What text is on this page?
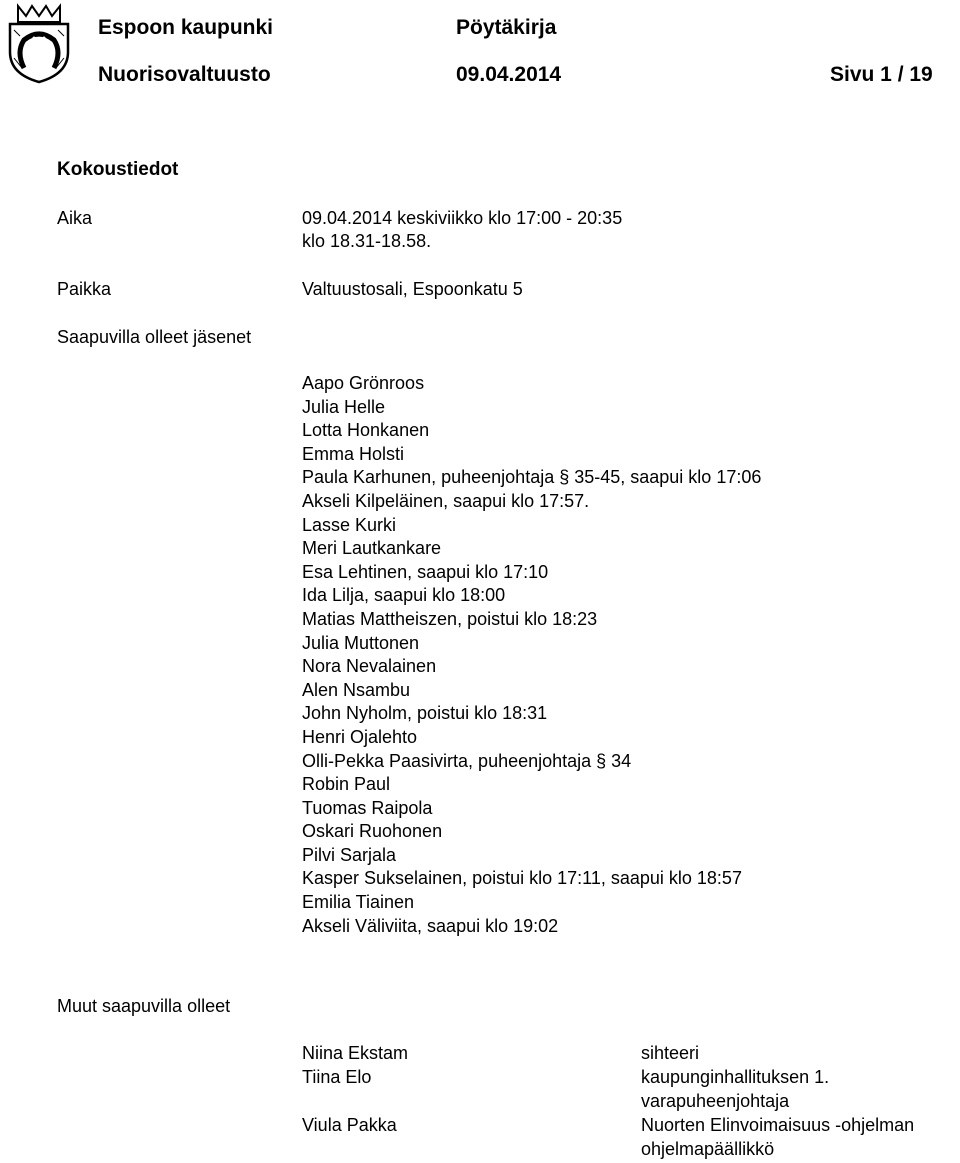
Espoon kaupunki	Pöytäkirja
Nuorisovaltuusto	09.04.2014	Sivu 1 / 19
Kokoustiedot
Aika	09.04.2014 keskiviikko klo 17:00 - 20:35
klo 18.31-18.58.
Paikka	Valtuustosali, Espoonkatu 5
Saapuvilla olleet jäsenet
Aapo Grönroos
Julia Helle
Lotta Honkanen
Emma Holsti
Paula Karhunen, puheenjohtaja § 35-45, saapui klo 17:06
Akseli Kilpeläinen, saapui klo 17:57.
Lasse Kurki
Meri Lautkankare
Esa Lehtinen, saapui klo 17:10
Ida Lilja, saapui klo 18:00
Matias Mattheiszen, poistui klo 18:23
Julia Muttonen
Nora Nevalainen
Alen Nsambu
John Nyholm, poistui klo 18:31
Henri Ojalehto
Olli-Pekka Paasivirta, puheenjohtaja § 34
Robin Paul
Tuomas Raipola
Oskari Ruohonen
Pilvi Sarjala
Kasper Sukselainen, poistui klo 17:11, saapui klo 18:57
Emilia Tiainen
Akseli Väliviita, saapui klo 19:02
Muut saapuvilla olleet
Niina Ekstam	sihteeri
Tiina Elo	kaupunginhallituksen 1. varapuheenjohtaja
Viula Pakka	Nuorten Elinvoimaisuus -ohjelman ohjelmapäällikkö
